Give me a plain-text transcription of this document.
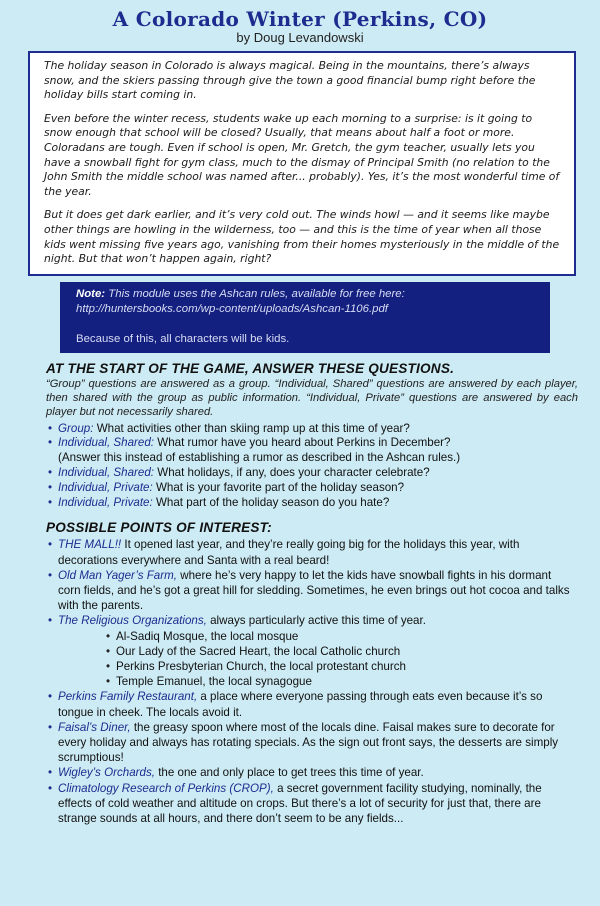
A Colorado Winter (Perkins, CO)
by Doug Levandowski

The holiday season in Colorado is always magical. Being in the mountains, there’s always snow, and the skiers passing through give the town a good financial bump right before the holiday bills start coming in.

Even before the winter recess, students wake up each morning to a surprise: is it going to snow enough that school will be closed? Usually, that means about half a foot or more. Coloradans are tough. Even if school is open, Mr. Gretch, the gym teacher, usually lets you have a snowball fight for gym class, much to the dismay of Principal Smith (no relation to the John Smith the middle school was named after... probably). Yes, it’s the most wonderful time of the year.

But it does get dark earlier, and it’s very cold out. The winds howl — and it seems like maybe other things are howling in the wilderness, too — and this is the time of year when all those kids went missing five years ago, vanishing from their homes mysteriously in the middle of the night. But that won’t happen again, right?

Note: This module uses the Ashcan rules, available for free here:
http://huntersbooks.com/wp-content/uploads/Ashcan-1106.pdf
Because of this, all characters will be kids.
AT THE START OF THE GAME, ANSWER THESE QUESTIONS.
“Group” questions are answered as a group. “Individual, Shared” questions are answered by each player, then shared with the group as public information. “Individual, Private” questions are answered by each player but not necessarily shared.
• Group: What activities other than skiing ramp up at this time of year?
• Individual, Shared: What rumor have you heard about Perkins in December?
(Answer this instead of establishing a rumor as described in the Ashcan rules.)
• Individual, Shared: What holidays, if any, does your character celebrate?
• Individual, Private: What is your favorite part of the holiday season?
• Individual, Private: What part of the holiday season do you hate?
POSSIBLE POINTS OF INTEREST:
• THE MALL!! It opened last year, and they’re really going big for the holidays this year, with decorations everywhere and Santa with a real beard!
• Old Man Yager’s Farm, where he’s very happy to let the kids have snowball fights in his dormant corn fields, and he’s got a great hill for sledding. Sometimes, he even brings out hot cocoa and talks with the parents.
• The Religious Organizations, always particularly active this time of year.
• Al-Sadiq Mosque, the local mosque
• Our Lady of the Sacred Heart, the local Catholic church
• Perkins Presbyterian Church, the local protestant church
• Temple Emanuel, the local synagogue
• Perkins Family Restaurant, a place where everyone passing through eats even because it’s so tongue in cheek. The locals avoid it.
• Faisal’s Diner, the greasy spoon where most of the locals dine. Faisal makes sure to decorate for every holiday and always has rotating specials. As the sign out front says, the desserts are simply scrumptious!
• Wigley’s Orchards, the one and only place to get trees this time of year.
• Climatology Research of Perkins (CROP), a secret government facility studying, nominally, the effects of cold weather and altitude on crops. But there’s a lot of security for just that, there are strange sounds at all hours, and there don’t seem to be any fields...
